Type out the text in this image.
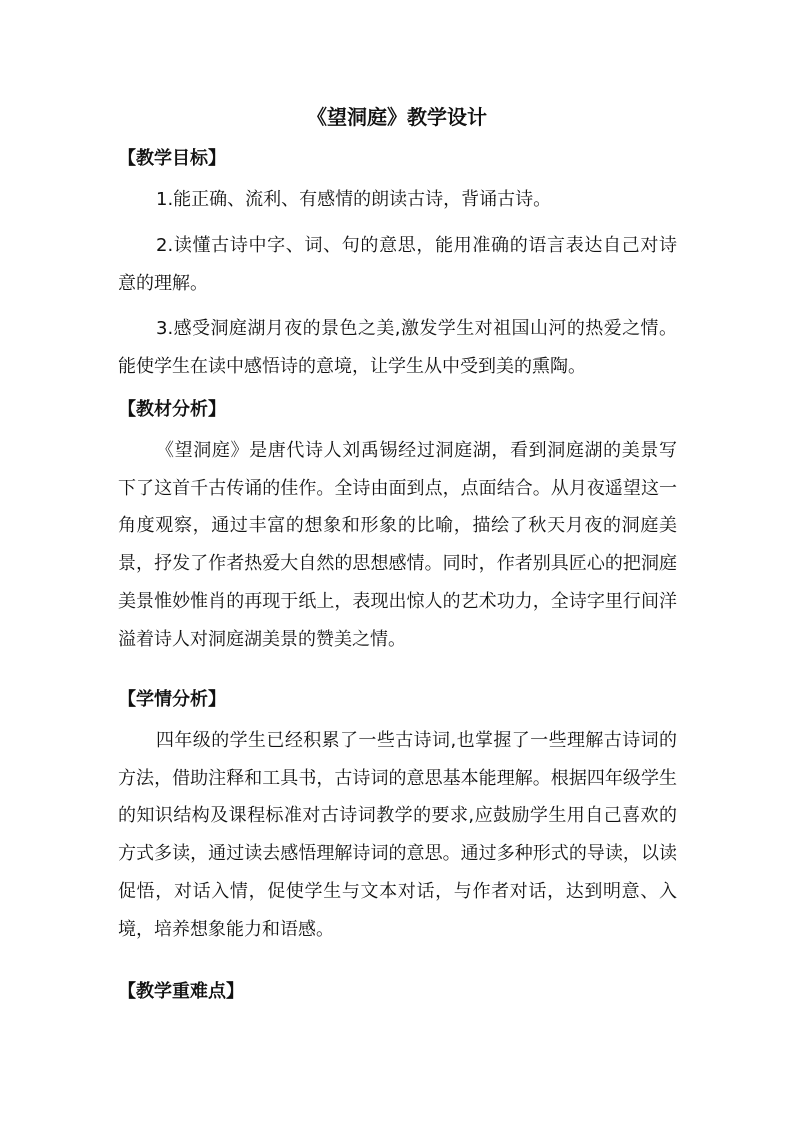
《望洞庭》教学设计
【教学目标】
1.能正确、流利、有感情的朗读古诗，背诵古诗。
2.读懂古诗中字、词、句的意思，能用准确的语言表达自己对诗意的理解。
3.感受洞庭湖月夜的景色之美,激发学生对祖国山河的热爱之情。能使学生在读中感悟诗的意境，让学生从中受到美的熏陶。
【教材分析】
《望洞庭》是唐代诗人刘禹锡经过洞庭湖，看到洞庭湖的美景写下了这首千古传诵的佳作。全诗由面到点，点面结合。从月夜遥望这一角度观察，通过丰富的想象和形象的比喻，描绘了秋天月夜的洞庭美景，抒发了作者热爱大自然的思想感情。同时，作者别具匠心的把洞庭美景惟妙惟肖的再现于纸上，表现出惊人的艺术功力，全诗字里行间洋溢着诗人对洞庭湖美景的赞美之情。
【学情分析】
四年级的学生已经积累了一些古诗词,也掌握了一些理解古诗词的方法，借助注释和工具书，古诗词的意思基本能理解。根据四年级学生的知识结构及课程标准对古诗词教学的要求,应鼓励学生用自己喜欢的方式多读，通过读去感悟理解诗词的意思。通过多种形式的导读，以读促悟，对话入情，促使学生与文本对话，与作者对话，达到明意、入境，培养想象能力和语感。
【教学重难点】
